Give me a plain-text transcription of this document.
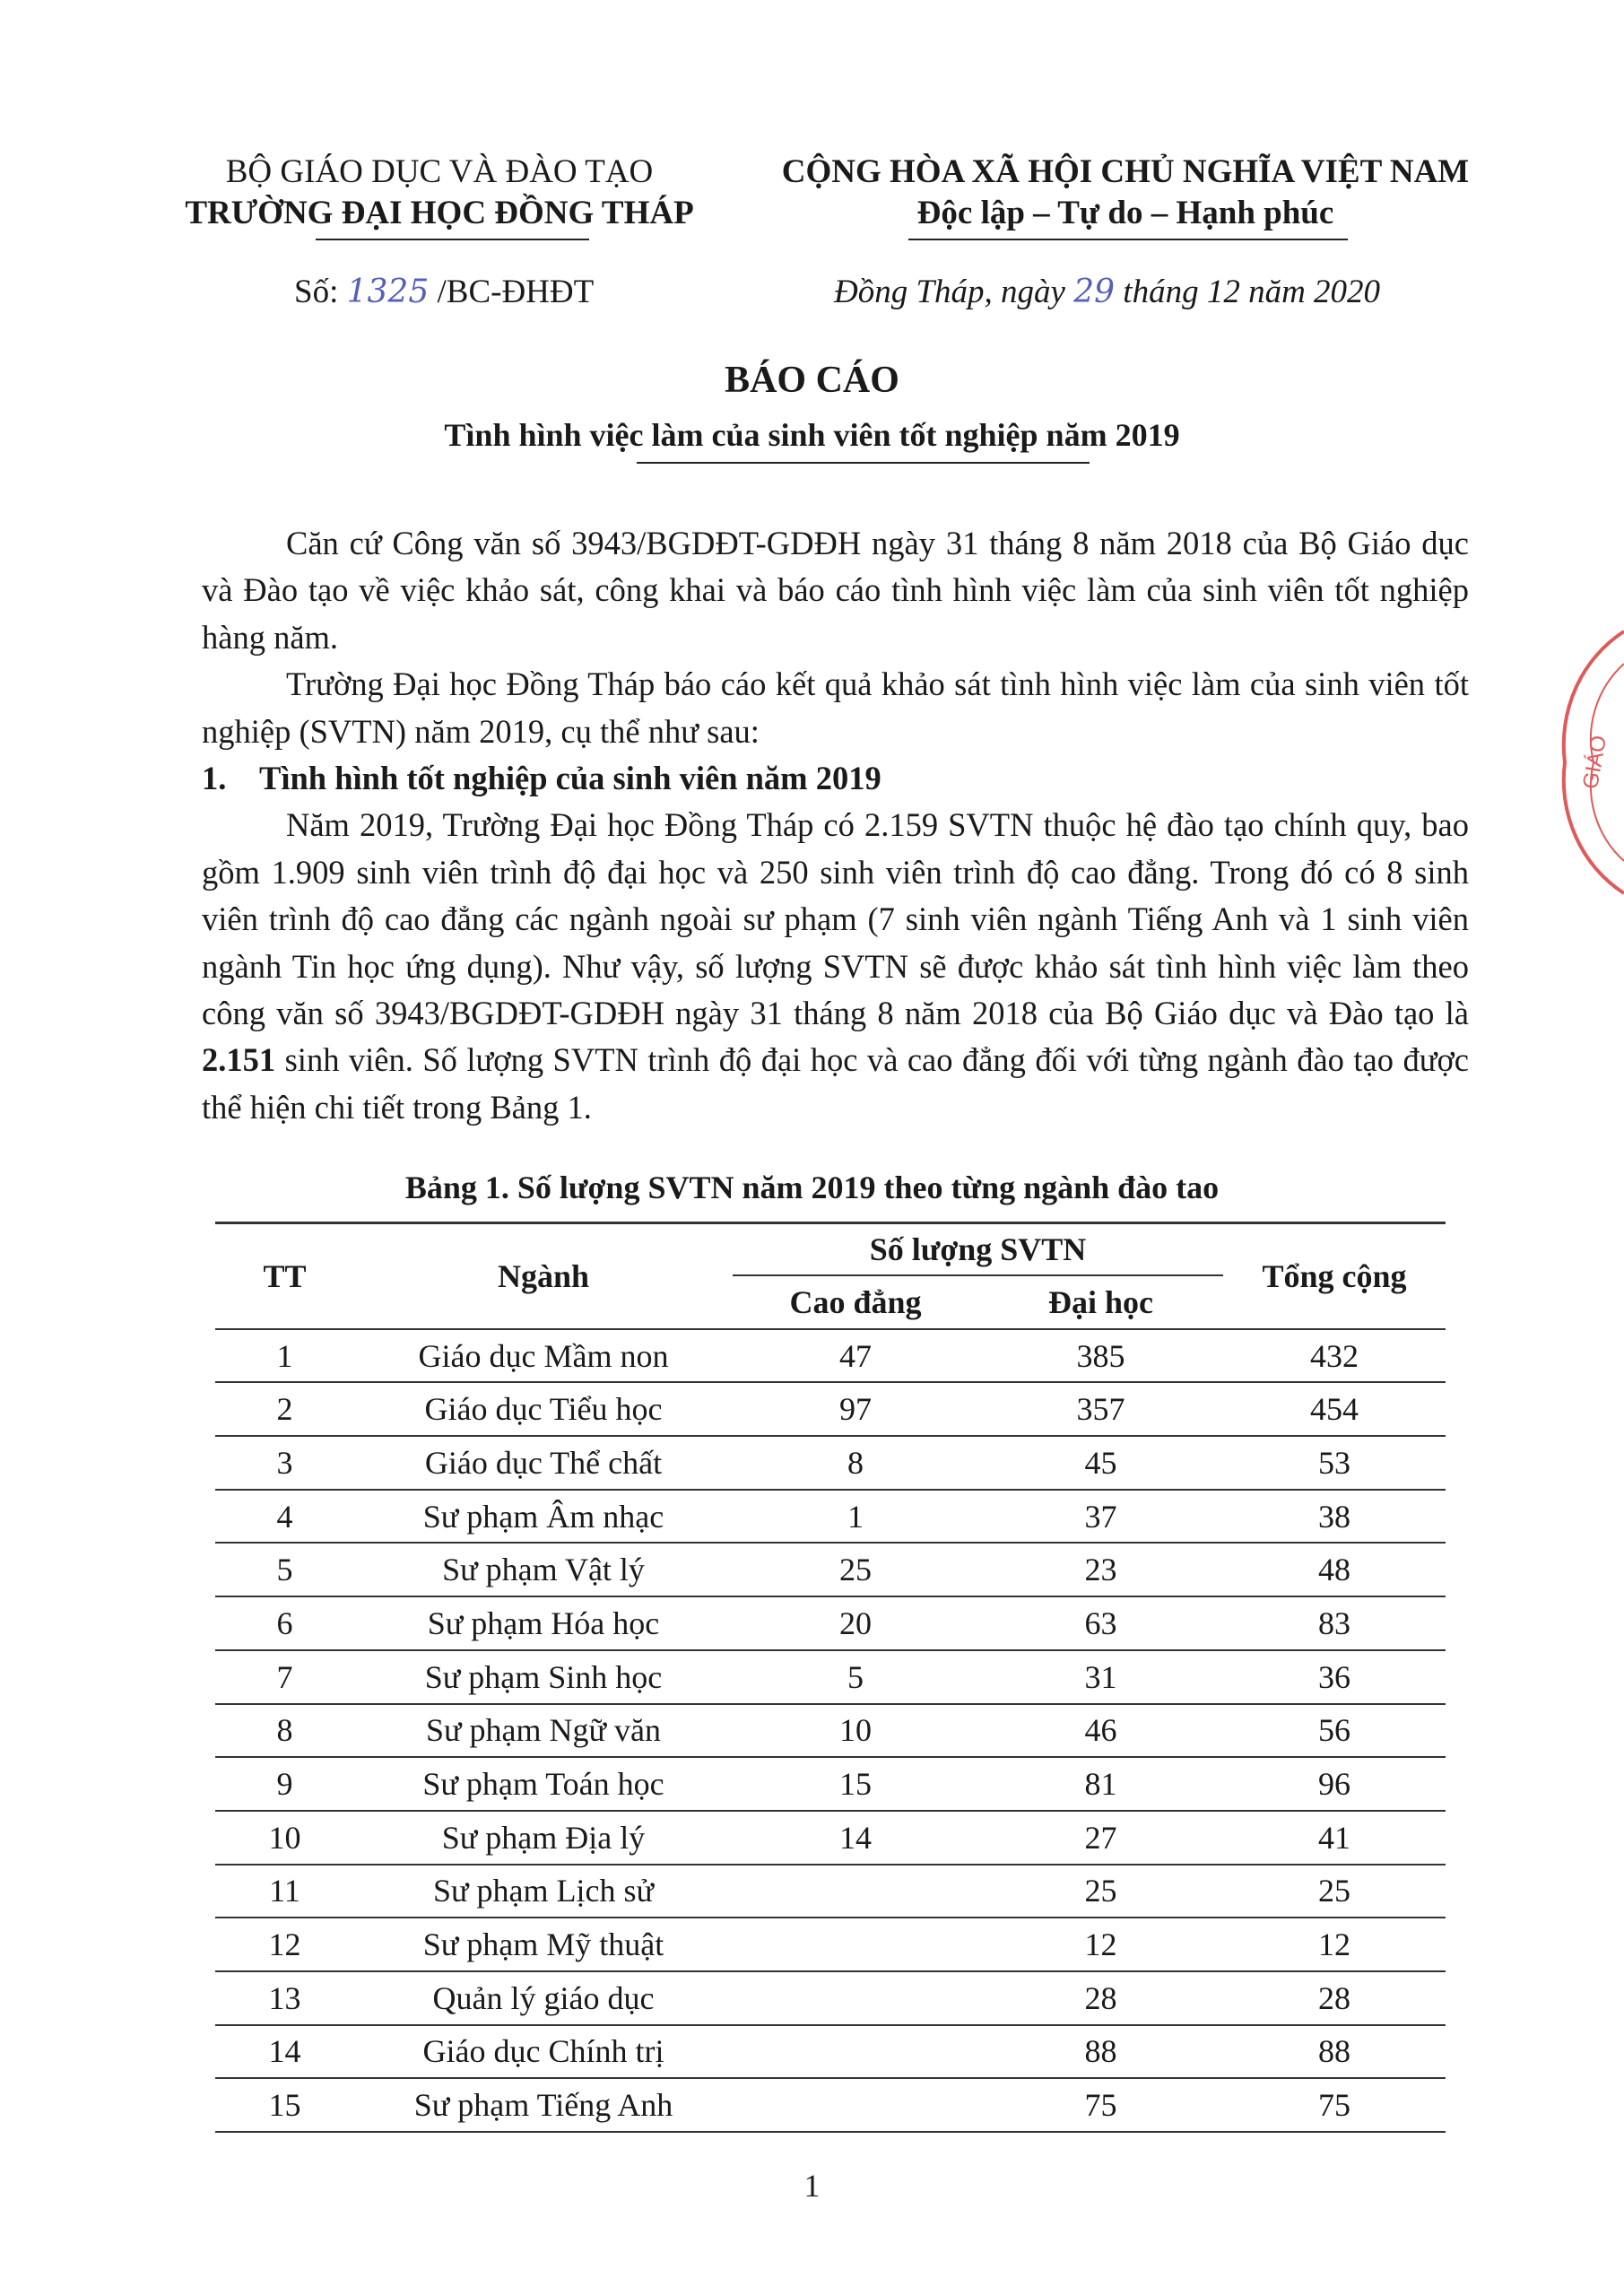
BỘ GIÁO DỤC VÀ ĐÀO TẠO
TRƯỜNG ĐẠI HỌC ĐỒNG THÁP
CỘNG HÒA XÃ HỘI CHỦ NGHĨA VIỆT NAM
Độc lập – Tự do – Hạnh phúc
Số: 1325 /BC-ĐHĐT	Đồng Tháp, ngày 29 tháng 12 năm 2020
BÁO CÁO
Tình hình việc làm của sinh viên tốt nghiệp năm 2019

Căn cứ Công văn số 3943/BGDĐT-GDĐH ngày 31 tháng 8 năm 2018 của Bộ Giáo dục và Đào tạo về việc khảo sát, công khai và báo cáo tình hình việc làm của sinh viên tốt nghiệp hàng năm.

Trường Đại học Đồng Tháp báo cáo kết quả khảo sát tình hình việc làm của sinh viên tốt nghiệp (SVTN) năm 2019, cụ thể như sau:

1. Tình hình tốt nghiệp của sinh viên năm 2019

Năm 2019, Trường Đại học Đồng Tháp có 2.159 SVTN thuộc hệ đào tạo chính quy, bao gồm 1.909 sinh viên trình độ đại học và 250 sinh viên trình độ cao đẳng. Trong đó có 8 sinh viên trình độ cao đẳng các ngành ngoài sư phạm (7 sinh viên ngành Tiếng Anh và 1 sinh viên ngành Tin học ứng dụng). Như vậy, số lượng SVTN sẽ được khảo sát tình hình việc làm theo công văn số 3943/BGDĐT-GDĐH ngày 31 tháng 8 năm 2018 của Bộ Giáo dục và Đào tạo là 2.151 sinh viên. Số lượng SVTN trình độ đại học và cao đẳng đối với từng ngành đào tạo được thể hiện chi tiết trong Bảng 1.

Bảng 1. Số lượng SVTN năm 2019 theo từng ngành đào tao
TT	Ngành	Số lượng SVTN		Tổng cộng
		Cao đẳng	Đại học	
1	Giáo dục Mầm non	47	385	432
2	Giáo dục Tiểu học	97	357	454
3	Giáo dục Thể chất	8	45	53
4	Sư phạm Âm nhạc	1	37	38
5	Sư phạm Vật lý	25	23	48
6	Sư phạm Hóa học	20	63	83
7	Sư phạm Sinh học	5	31	36
8	Sư phạm Ngữ văn	10	46	56
9	Sư phạm Toán học	15	81	96
10	Sư phạm Địa lý	14	27	41
11	Sư phạm Lịch sử		25	25
12	Sư phạm Mỹ thuật		12	12
13	Quản lý giáo dục		28	28
14	Giáo dục Chính trị		88	88
15	Sư phạm Tiếng Anh		75	75
1
GIÁO
